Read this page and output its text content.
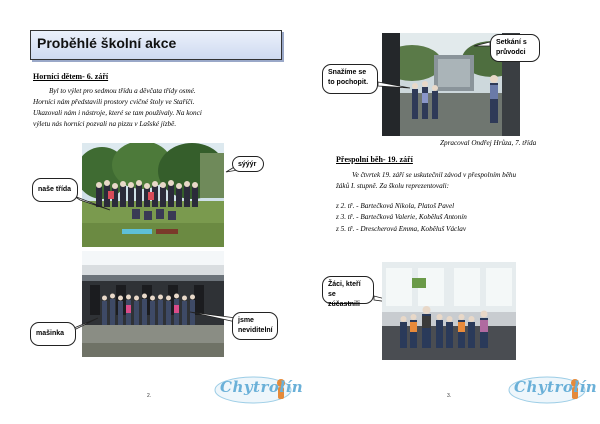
Proběhlé školní akce
Horníci dětem- 6. září
Byl to výlet pro sedmou třídu a děvčata třídy osmé.
Horníci nám představili prostory cvičné štoly ve Staříči.
Ukazovali nám i nástroje, které se tam používaly. Na konci
výletu nás horníci pozvali na pizzu v Lašské jízbě.
sýýýr
naše třída
jsme neviditelní
mašinka
Chytrolín
2.
Setkání s průvodci
Snažíme se to pochopit.
Zpracoval Ondřej Hrůza, 7. třída
Přespolní běh- 19. září
Ve čtvrtek 19. září se uskutečnil závod v přespolním běhu
žáků I. stupně. Za školu reprezentovali:
z 2. tř. - Bartečková Nikola, Platoš Pavel
z 3. tř. - Bartečková Valerie, Koběluš Antonín
z 5. tř. - Drescherová Emma, Koběluš Václav
Žáci, kteří se zúčastnili
Chytrolín
3.
